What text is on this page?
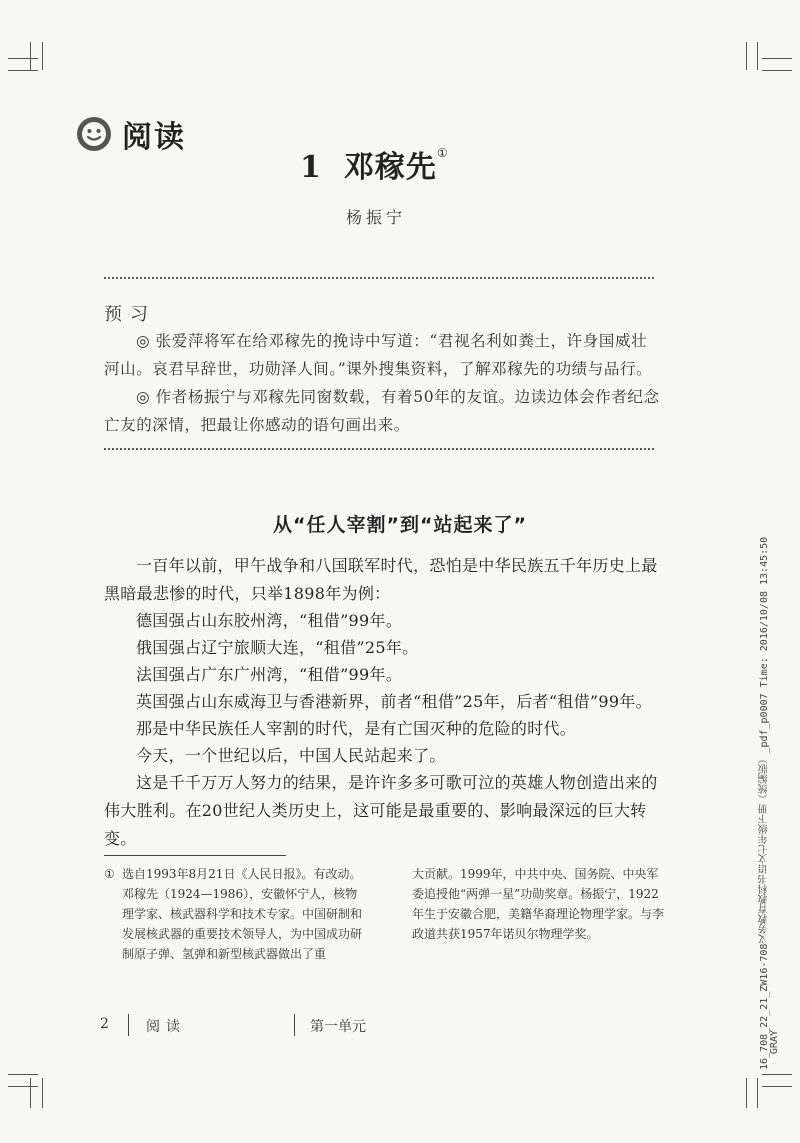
阅读
1 邓稼先①
杨振宁
预习
◎ 张爱萍将军在给邓稼先的挽诗中写道：“君视名利如粪土，许身国威壮河山。哀君早辞世，功勋泽人间。”课外搜集资料，了解邓稼先的功绩与品行。
◎ 作者杨振宁与邓稼先同窗数载，有着50年的友谊。边读边体会作者纪念亡友的深情，把最让你感动的语句画出来。
从“任人宰割”到“站起来了”
一百年以前，甲午战争和八国联军时代，恐怕是中华民族五千年历史上最黑暗最悲惨的时代，只举1898年为例：
德国强占山东胶州湾，“租借”99年。
俄国强占辽宁旅顺大连，“租借”25年。
法国强占广东广州湾，“租借”99年。
英国强占山东威海卫与香港新界，前者“租借”25年，后者“租借”99年。
那是中华民族任人宰割的时代，是有亡国灭种的危险的时代。
今天，一个世纪以后，中国人民站起来了。
这是千千万万人努力的结果，是许许多多可歌可泣的英雄人物创造出来的伟大胜利。在20世纪人类历史上，这可能是最重要的、影响最深远的巨大转变。
① 选自1993年8月21日《人民日报》。有改动。邓稼先（1924—1986），安徽怀宁人，核物理学家、核武器科学和技术专家。中国研制和发展核武器的重要技术领导人，为中国成功研制原子弹、氢弹和新型核武器做出了重
大贡献。1999年，中共中央、国务院、中央军委追授他“两弹一星”功勋奖章。杨振宁，1922年生于安徽合肥，美籍华裔理论物理学家。与李政道共获1957年诺贝尔物理学奖。
2	阅读	第一单元	16_708_22_21_ZW16-708义务教育教科书语文七年级下册（统编版）_pdf_p0007 Time: 2016/10/08 13:45:50 GRAY
